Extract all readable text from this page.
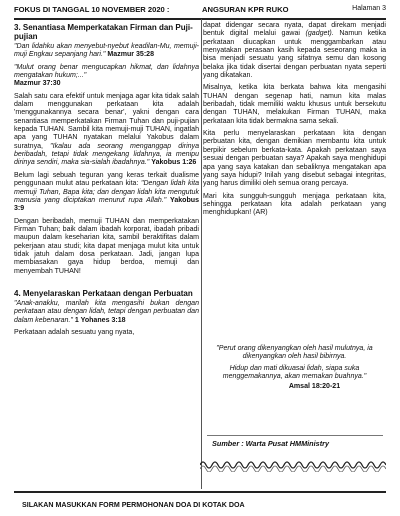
FOKUS DI TANGGAL 10 NOVEMBER 2020 :	ANGSURAN KPR RUKO	Halaman 3
3. Senantiasa Memperkatakan Firman dan Puji-pujian

"Dan lidahku akan menyebut-nyebut keadilan-Mu, memuji-muji Engkau sepanjang hari." Mazmur 35:28

"Mulut orang benar mengucapkan hikmat, dan lidahnya mengatakan hukum;..."
Mazmur 37:30

Salah satu cara efektif untuk menjaga agar kita tidak salah dalam menggunakan perkataan kita adalah 'menggunakannya secara benar', yakni dengan cara senantiasa memperkatakan Firman Tuhan dan puji-pujian kepada TUHAN. Sambil kita memuji-muji TUHAN, ingatlah apa yang TUHAN nyatakan melalui Yakobus dalam suratnya, "Ikalau ada seorang menganggap dirinya beribadah, tetapi tidak mengekang lidahnya, ia menipu dirinya sendiri, maka sia-sialah ibadahnya." Yakobus 1:26

Belum lagi sebuah teguran yang keras terkait dualisme penggunaan mulut atau perkataan kita: "Dengan lidah kita memuji Tuhan, Bapa kita; dan dengan lidah kita mengutuk manusia yang diciptakan menurut rupa Allah." Yakobus 3:9

Dengan beribadah, memuji TUHAN dan memperkatakan Firman Tuhan; baik dalam ibadah korporat, ibadah pribadi maupun dalam keseharian kita, sambil beraktifitas dalam pekerjaan atau studi; kita dapat menjaga mulut kita untuk tidak jatuh dalam dosa perkataan. Jadi, jangan lupa membiasakan gaya hidup berdoa, memuji dan menyembah TUHAN!

4. Menyelaraskan Perkataan dengan Perbuatan

"Anak-anakku, marilah kita mengasihi bukan dengan perkataan atau dengan lidah, tetapi dengan perbuatan dan dalam kebenaran." 1 Yohanes 3:18

Perkataan adalah sesuatu yang nyata,

dapat didengar secara nyata, dapat direkam menjadi bentuk digital melalui gawai (gadget). Namun ketika perkataan diucapkan untuk menggambarkan atau menyatakan perasaan kasih kepada seseorang maka ia bisa menjadi sesuatu yang sifatnya semu dan kosong belaka jika tidak disertai dengan perbuatan nyata seperti yang dikatakan.

Misalnya, ketika kita berkata bahwa kita mengasihi TUHAN dengan segenap hati, namun kita malas beribadah, tidak memiliki waktu khusus untuk bersekutu dengan TUHAN, melakukan Firman TUHAN, maka perkataan kita tidak bermakna sama sekali.

Kita perlu menyelaraskan perkataan kita dengan perbuatan kita, dengan demikian membantu kita untuk berpikir sebelum berkata-kata. Apakah perkataan saya sesuai dengan perbuatan saya? Apakah saya menghidupi apa yang saya katakan dan sebaliknya mengatakan apa yang saya hidupi? Inilah yang disebut sebagai integritas, yang harus dimiliki oleh semua orang percaya.

Mari kita sungguh-sungguh menjaga perkataan kita, sehingga perkataan kita adalah perkataan yang menghidupkan! (AR)

"Perut orang dikenyangkan oleh hasil mulutnya, ia dikenyangkan oleh hasil bibirnya.
Hidup dan mati dikuasai lidah, siapa suka menggemakannya, akan memakan buahnya."
Amsal 18:20-21
Sumber : Warta Pusat HMMinistry
SILAKAN MASUKKAN FORM PERMOHONAN DOA DI KOTAK DOA
